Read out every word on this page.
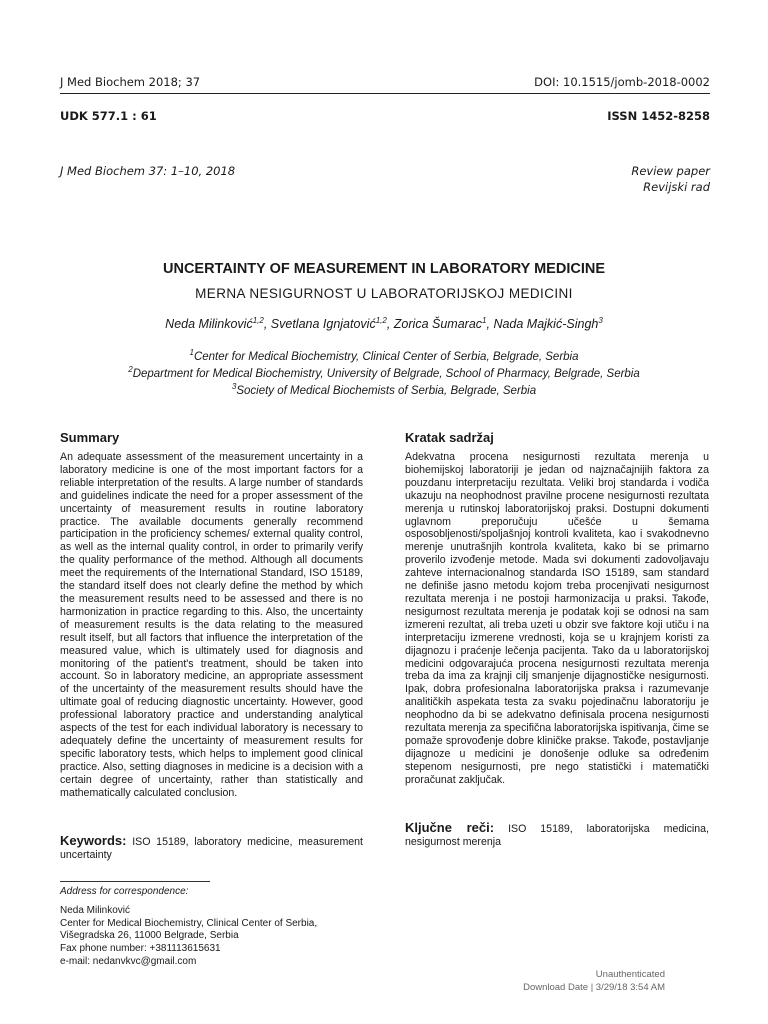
J Med Biochem 2018; 37	DOI: 10.1515/jomb-2018-0002
UDK 577.1 : 61	ISSN 1452-8258
J Med Biochem 37: 1–10, 2018	Review paper
Revijski rad
UNCERTAINTY OF MEASUREMENT IN LABORATORY MEDICINE
MERNA NESIGURNOST U LABORATORIJSKOJ MEDICINI
Neda Milinković$^{1,2}$, Svetlana Ignjatović$^{1,2}$, Zorica Šumarac$^1$, Nada Majkić-Singh$^3$
$^1$Center for Medical Biochemistry, Clinical Center of Serbia, Belgrade, Serbia
$^2$Department for Medical Biochemistry, University of Belgrade, School of Pharmacy, Belgrade, Serbia
$^3$Society of Medical Biochemists of Serbia, Belgrade, Serbia
Summary

An adequate assessment of the measurement uncertainty in a laboratory medicine is one of the most important factors for a reliable interpretation of the results. A large number of standards and guidelines indicate the need for a proper assessment of the uncertainty of measurement results in routine laboratory practice. The available documents generally recommend participation in the proficiency schemes/ external quality control, as well as the internal quality control, in order to primarily verify the quality performance of the method. Although all documents meet the requirements of the International Standard, ISO 15189, the standard itself does not clearly define the method by which the measurement results need to be assessed and there is no harmonization in practice regarding to this. Also, the uncertainty of measurement results is the data relating to the measured result itself, but all factors that influence the interpretation of the measured value, which is ultimately used for diagnosis and monitoring of the patient's treatment, should be taken into account. So in laboratory medicine, an appropriate assessment of the uncertainty of the measurement results should have the ultimate goal of reducing diagnostic uncertainty. However, good professional laboratory practice and understanding analytical aspects of the test for each individual laboratory is necessary to adequately define the uncertainty of measurement results for specific laboratory tests, which helps to implement good clinical practice. Also, setting diagnoses in medicine is a decision with a certain degree of uncertainty, rather than statistically and mathematically calculated conclusion.

Keywords: ISO 15189, laboratory medicine, measurement uncertainty
Kratak sadržaj

Adekvatna procena nesigurnosti rezultata merenja u biohemijskoj laboratoriji je jedan od najznačajnijih faktora za pouzdanu interpretaciju rezultata. Veliki broj standarda i vodiča ukazuju na neophodnost pravilne procene nesigurnosti rezultata merenja u rutinskoj laboratorijskoj praksi. Dostupni dokumenti uglavnom preporučuju učešće u šemama osposobljenosti/spoljašnjoj kontroli kvaliteta, kao i svakodnevno merenje unutrašnjih kontrola kvaliteta, kako bi se primarno proverilo izvođenje metode. Mada svi dokumenti zadovoljavaju zahteve internacionalnog standarda ISO 15189, sam standard ne definiše jasno metodu kojom treba procenjivati nesigurnost rezultata merenja i ne postoji harmonizacija u praksi. Takođe, nesigurnost rezultata merenja je podatak koji se odnosi na sam izmereni rezultat, ali treba uzeti u obzir sve faktore koji utiču i na interpretaciju izmerene vrednosti, koja se u krajnjem koristi za dijagnozu i praćenje lečenja pacijenta. Tako da u laboratorijskoj medicini odgovarajuća procena nesigurnosti rezultata merenja treba da ima za krajnji cilj smanjenje dijagnostičke nesigurnosti. Ipak, dobra profesionalna laboratorijska praksa i razumevanje analitičkih aspekata testa za svaku pojedinačnu laboratoriju je neophodno da bi se adekvatno definisala procena nesigurnosti rezultata merenja za specifična laboratorijska ispitivanja, čime se pomaže sprovođenje dobre kliničke prakse. Takođe, postavljanje dijagnoze u medicini je donošenje odluke sa određenim stepenom nesigurnosti, pre nego statistički i matematički proračunat zaključak.

Ključne reči: ISO 15189, laboratorijska medicina, nesigurnost merenja
Address for correspondence:
Neda Milinković
Center for Medical Biochemistry, Clinical Center of Serbia,
Višegradska 26, 11000 Belgrade, Serbia
Fax phone number: +381113615631
e-mail: nedanvkvc@gmail.com
Unauthenticated
Download Date | 3/29/18 3:54 AM
